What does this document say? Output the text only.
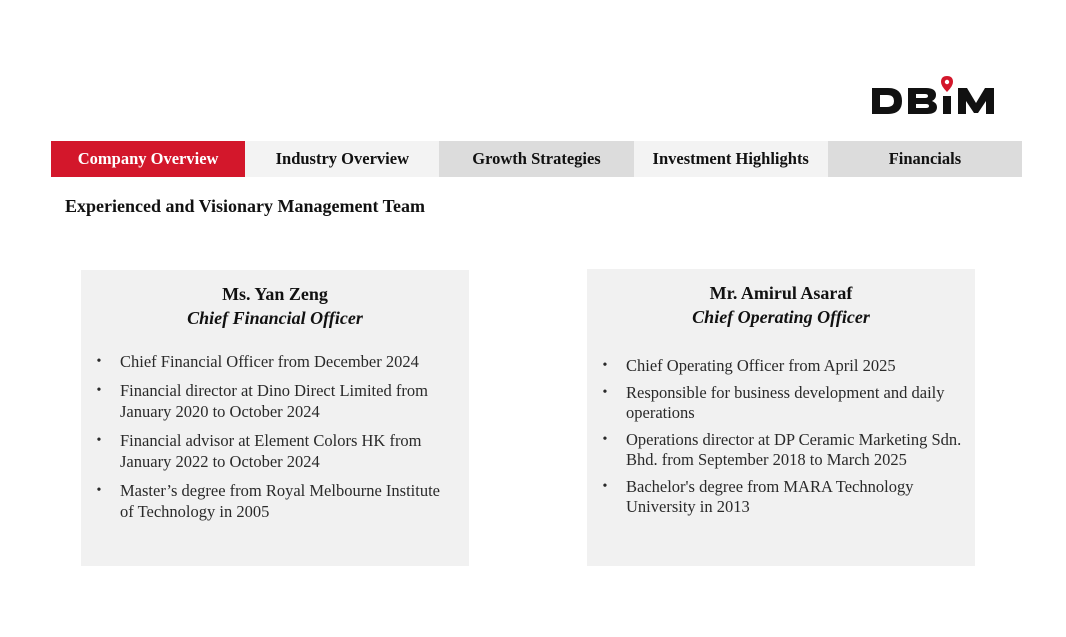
Company Overview	Industry Overview	Growth Strategies	Investment Highlights	Financials
Experienced and Visionary Management Team

Ms. Yan Zeng

Chief Financial Officer

• Chief Financial Officer from December 2024
• Financial director at Dino Direct Limited from January 2020 to October 2024
• Financial advisor at Element Colors HK from January 2022 to October 2024
• Master’s degree from Royal Melbourne Institute of Technology in 2005

Mr. Amirul Asaraf

Chief Operating Officer

• Chief Operating Officer from April 2025
• Responsible for business development and daily operations
• Operations director at DP Ceramic Marketing Sdn. Bhd. from September 2018 to March 2025
• Bachelor's degree from MARA Technology University in 2013
